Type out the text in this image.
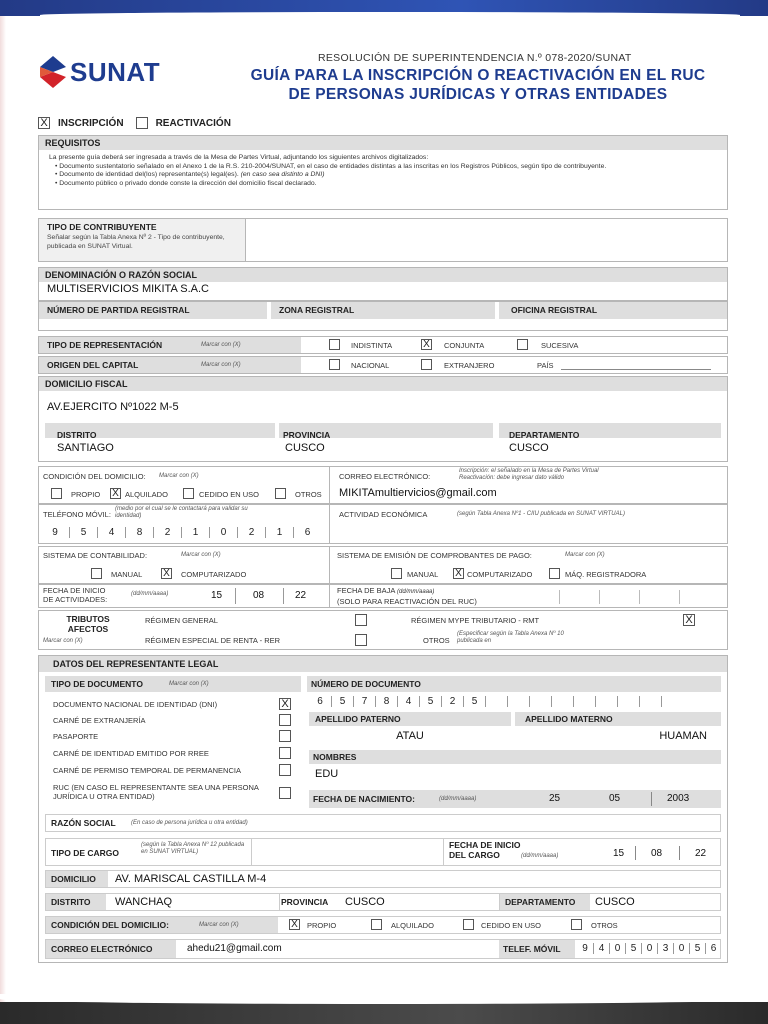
SUNAT	RESOLUCIÓN DE SUPERINTENDENCIA N.º 078-2020/SUNAT
GUÍA PARA LA INSCRIPCIÓN O REACTIVACIÓN EN EL RUC
DE PERSONAS JURÍDICAS Y OTRAS ENTIDADES
X INSCRIPCIÓN	REACTIVACIÓN
REQUISITOS
La presente guía deberá ser ingresada a través de la Mesa de Partes Virtual, adjuntando los siguientes archivos digitalizados:
• Documento sustentatorio señalado en el Anexo 1 de la R.S. 210-2004/SUNAT, en el caso de entidades distintas a las inscritas en los Registros Públicos, según tipo de contribuyente.
• Documento de identidad del(los) representante(s) legal(es). (en caso sea distinto a DNI)
• Documento público o privado donde conste la dirección del domicilio fiscal declarado.
TIPO DE CONTRIBUYENTE
Señalar según la Tabla Anexa Nº 2 - Tipo de contribuyente, publicada en SUNAT Virtual.
DENOMINACIÓN O RAZÓN SOCIAL
MULTISERVICIOS MIKITA S.A.C
NÚMERO DE PARTIDA REGISTRAL	ZONA REGISTRAL	OFICINA REGISTRAL
TIPO DE REPRESENTACIÓN	Marcar con (X)	INDISTINTA	X CONJUNTA	SUCESIVA
ORIGEN DEL CAPITAL	Marcar con (X)	NACIONAL	EXTRANJERO	PAÍS
DOMICILIO FISCAL
AV.EJERCITO Nº1022 M-5
DISTRITO	PROVINCIA	DEPARTAMENTO
SANTIAGO	CUSCO	CUSCO
CONDICIÓN DEL DOMICILIO: Marcar con (X)
PROPIO X ALQUILADO	CEDIDO EN USO	OTROS
CORREO ELECTRÓNICO:
Inscripción: el señalado en la Mesa de Partes Virtual
Reactivación: debe ingresar dato válido
MIKITAmultiervicios@gmail.com
TELÉFONO MÓVIL:
(medio por el cual se le contactará para validar su identidad)
9	5	4	8	2	1	0	2	1	6
ACTIVIDAD ECONÓMICA	(según Tabla Anexa Nº1 - CIIU publicada en SUNAT VIRTUAL)
SISTEMA DE CONTABILIDAD:	Marcar con (X)
MANUAL X COMPUTARIZADO
SISTEMA DE EMISIÓN DE COMPROBANTES DE PAGO:	Marcar con (X)
MANUAL X COMPUTARIZADO	MÁQ. REGISTRADORA
FECHA DE INICIO
DE ACTIVIDADES:
(dd/mm/aaaa)	15	08	22	FECHA DE BAJA (dd/mm/aaaa)
(SOLO PARA REACTIVACIÓN DEL RUC)
TRIBUTOS AFECTOS
Marcar con (X)
RÉGIMEN GENERAL
RÉGIMEN ESPECIAL DE RENTA - RER
RÉGIMEN MYPE TRIBUTARIO - RMT	X
OTROS
(Especificar según la Tabla Anexa Nº 10 publicada en
DATOS DEL REPRESENTANTE LEGAL
TIPO DE DOCUMENTO	Marcar con (X)
DOCUMENTO NACIONAL DE IDENTIDAD (DNI)	X
CARNÉ DE EXTRANJERÍA
PASAPORTE
CARNÉ DE IDENTIDAD EMITIDO POR RREE
CARNÉ DE PERMISO TEMPORAL DE PERMANENCIA
RUC (EN CASO EL REPRESENTANTE SEA UNA PERSONA JURÍDICA U OTRA ENTIDAD)
NÚMERO DE DOCUMENTO
6	5	7	8	4	5	2	5
APELLIDO PATERNO	APELLIDO MATERNO
ATAU	HUAMAN
NOMBRES
EDU
FECHA DE NACIMIENTO:	(dd/mm/aaaa)	25	05	2003
RAZÓN SOCIAL	(En caso de persona jurídica u otra entidad)
TIPO DE CARGO
(según la Tabla Anexa Nº 12 publicada en SUNAT VIRTUAL)
FECHA DE INICIO
DEL CARGO	(dd/mm/aaaa)	15	08	22
DOMICILIO AV. MARISCAL CASTILLA M-4
DISTRITO WANCHAQ	PROVINCIA CUSCO	DEPARTAMENTO CUSCO
CONDICIÓN DEL DOMICILIO:	Marcar con (X)	X PROPIO	ALQUILADO	CEDIDO EN USO	OTROS
CORREO ELECTRÓNICO	ahedu21@gmail.com	TELEF. MÓVIL	9	4	0	5	0	3	0	5	6
